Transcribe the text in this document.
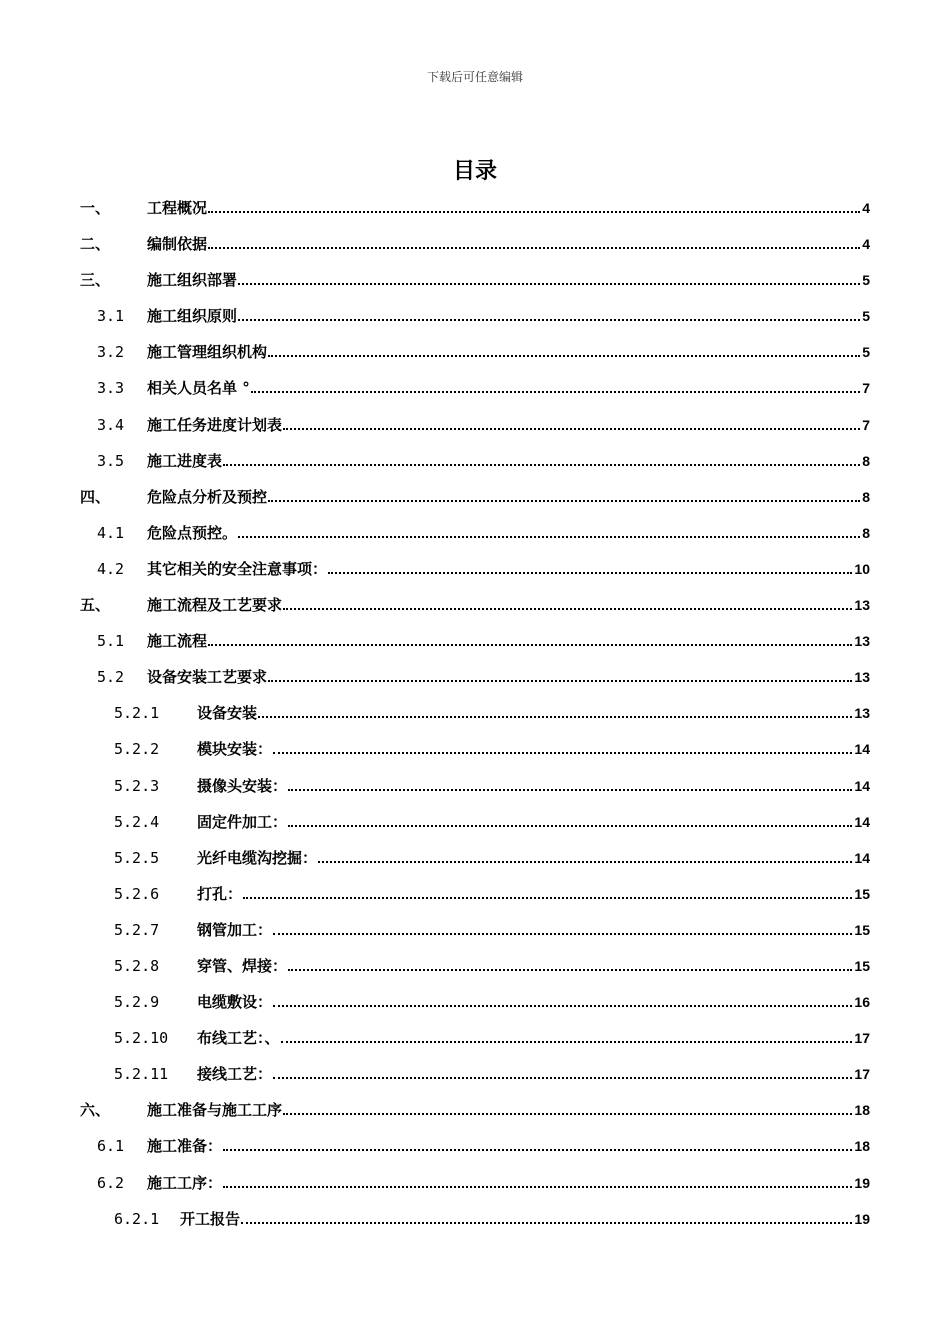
下载后可任意编辑
目录
一、	工程概况	4
二、	编制依据	4
三、	施工组织部署	5
3.1	施工组织原则	5
3.2	施工管理组织机构	5
3.3	相关人员名单 °	7
3.4	施工任务进度计划表	7
3.5	施工进度表	8
四、	危险点分析及预控	8
4.1	危险点预控。	8
4.2	其它相关的安全注意事项：	10
五、	施工流程及工艺要求	13
5.1	施工流程	13
5.2	设备安装工艺要求	13
5.2.1	设备安装	13
5.2.2	模块安装：	14
5.2.3	摄像头安装：	14
5.2.4	固定件加工：	14
5.2.5	光纤电缆沟挖掘：	14
5.2.6	打孔：	15
5.2.7	钢管加工：	15
5.2.8	穿管、焊接：	15
5.2.9	电缆敷设：	16
5.2.10	布线工艺：、	17
5.2.11	接线工艺：	17
六、	施工准备与施工工序	18
6.1	施工准备：	18
6.2	施工工序：	19
6.2.1	开工报告	19
